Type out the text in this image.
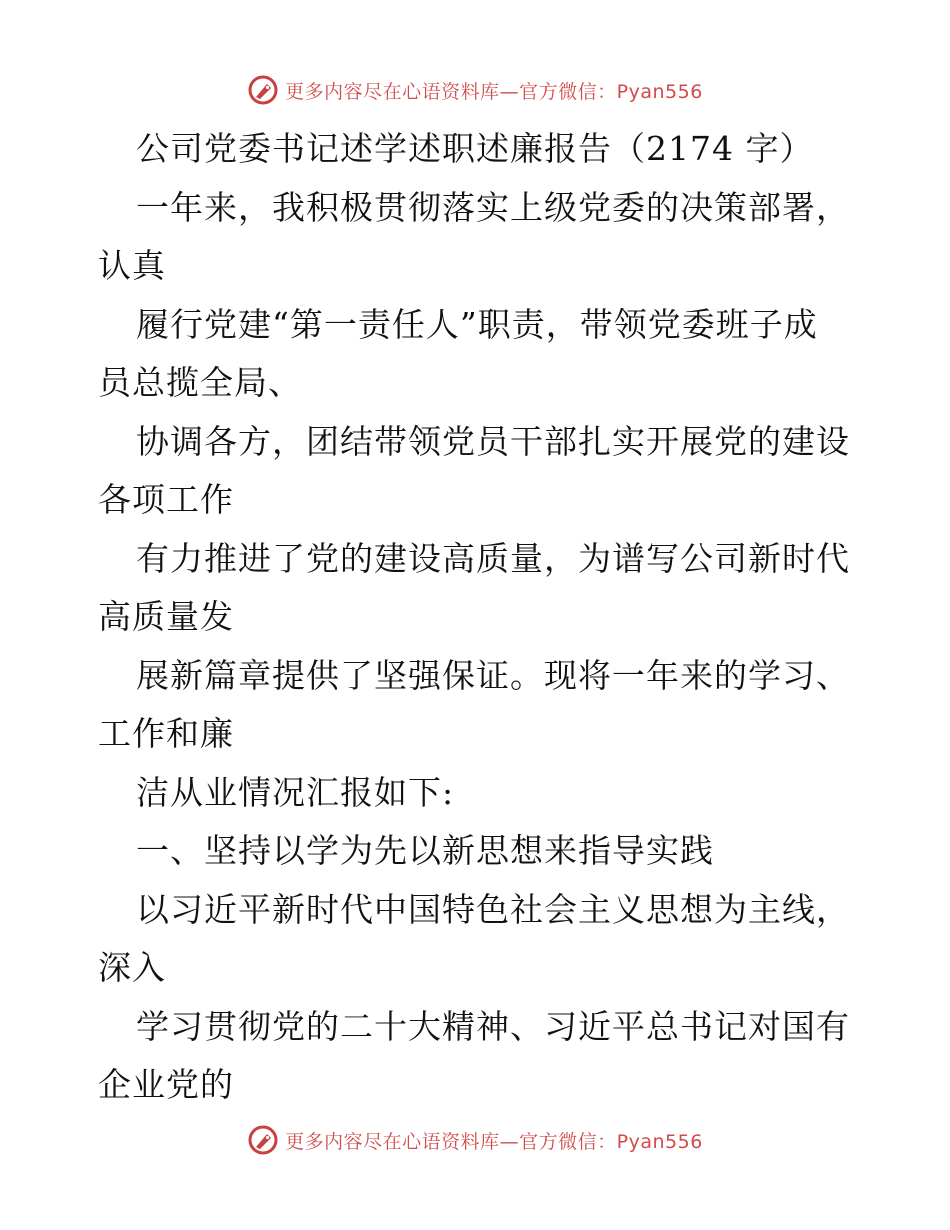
更多内容尽在心语资料库—官方微信：Pyan556
公司党委书记述学述职述廉报告（2174 字）
一年来，我积极贯彻落实上级党委的决策部署，
认真
履行党建“第一责任人”职责，带领党委班子成
员总揽全局、
协调各方，团结带领党员干部扎实开展党的建设
各项工作
有力推进了党的建设高质量，为谱写公司新时代
高质量发
展新篇章提供了坚强保证。现将一年来的学习、
工作和廉
洁从业情况汇报如下:
一、坚持以学为先以新思想来指导实践
以习近平新时代中国特色社会主义思想为主线，
深入
学习贯彻党的二十大精神、习近平总书记对国有
企业党的
更多内容尽在心语资料库—官方微信：Pyan556
